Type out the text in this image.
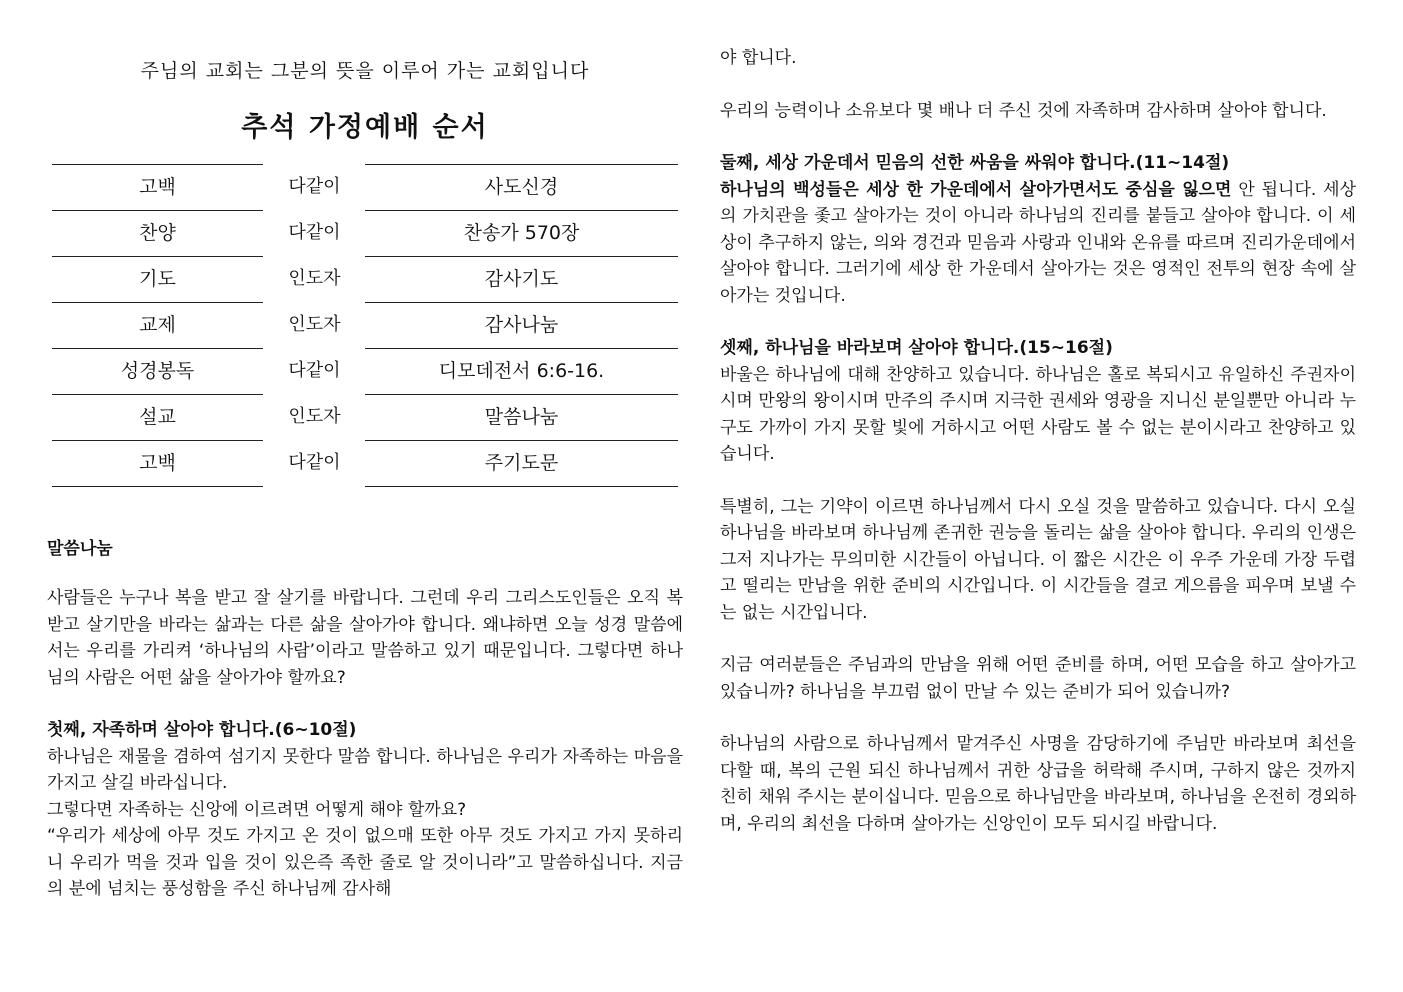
주님의 교회는 그분의 뜻을 이루어 가는 교회입니다
추석 가정예배 순서
고백	다같이	사도신경
찬양	다같이	찬송가 570장
기도	인도자	감사기도
교제	인도자	감사나눔
성경봉독	다같이	디모데전서 6:6-16.
설교	인도자	말씀나눔
고백	다같이	주기도문
말씀나눔

사람들은 누구나 복을 받고 잘 살기를 바랍니다. 그런데 우리 그리스도인들은 오직 복받고 살기만을 바라는 삶과는 다른 삶을 살아가야 합니다. 왜냐하면 오늘 성경 말씀에서는 우리를 가리켜 ‘하나님의 사람’이라고 말씀하고 있기 때문입니다. 그렇다면 하나님의 사람은 어떤 삶을 살아가야 할까요?

첫째, 자족하며 살아야 합니다.(6~10절)

하나님은 재물을 겸하여 섬기지 못한다 말씀 합니다. 하나님은 우리가 자족하는 마음을 가지고 살길 바라십니다.

그렇다면 자족하는 신앙에 이르려면 어떻게 해야 할까요?

“우리가 세상에 아무 것도 가지고 온 것이 없으매 또한 아무 것도 가지고 가지 못하리니 우리가 먹을 것과 입을 것이 있은즉 족한 줄로 알 것이니라”고 말씀하십니다. 지금의 분에 넘치는 풍성함을 주신 하나님께 감사해

야 합니다.

우리의 능력이나 소유보다 몇 배나 더 주신 것에 자족하며 감사하며 살아야 합니다.

둘째, 세상 가운데서 믿음의 선한 싸움을 싸워야 합니다.(11~14절)

하나님의 백성들은 세상 한 가운데에서 살아가면서도 중심을 잃으면 안 됩니다. 세상의 가치관을 좇고 살아가는 것이 아니라 하나님의 진리를 붙들고 살아야 합니다. 이 세상이 추구하지 않는, 의와 경건과 믿음과 사랑과 인내와 온유를 따르며 진리가운데에서 살아야 합니다. 그러기에 세상 한 가운데서 살아가는 것은 영적인 전투의 현장 속에 살아가는 것입니다.

셋째, 하나님을 바라보며 살아야 합니다.(15~16절)

바울은 하나님에 대해 찬양하고 있습니다. 하나님은 홀로 복되시고 유일하신 주권자이시며 만왕의 왕이시며 만주의 주시며 지극한 권세와 영광을 지니신 분일뿐만 아니라 누구도 가까이 가지 못할 빛에 거하시고 어떤 사람도 볼 수 없는 분이시라고 찬양하고 있습니다.

특별히, 그는 기약이 이르면 하나님께서 다시 오실 것을 말씀하고 있습니다. 다시 오실 하나님을 바라보며 하나님께 존귀한 권능을 돌리는 삶을 살아야 합니다. 우리의 인생은 그저 지나가는 무의미한 시간들이 아닙니다. 이 짧은 시간은 이 우주 가운데 가장 두렵고 떨리는 만남을 위한 준비의 시간입니다. 이 시간들을 결코 게으름을 피우며 보낼 수는 없는 시간입니다.

지금 여러분들은 주님과의 만남을 위해 어떤 준비를 하며, 어떤 모습을 하고 살아가고 있습니까? 하나님을 부끄럼 없이 만날 수 있는 준비가 되어 있습니까?

하나님의 사람으로 하나님께서 맡겨주신 사명을 감당하기에 주님만 바라보며 최선을 다할 때, 복의 근원 되신 하나님께서 귀한 상급을 허락해 주시며, 구하지 않은 것까지 친히 채워 주시는 분이십니다. 믿음으로 하나님만을 바라보며, 하나님을 온전히 경외하며, 우리의 최선을 다하며 살아가는 신앙인이 모두 되시길 바랍니다.
